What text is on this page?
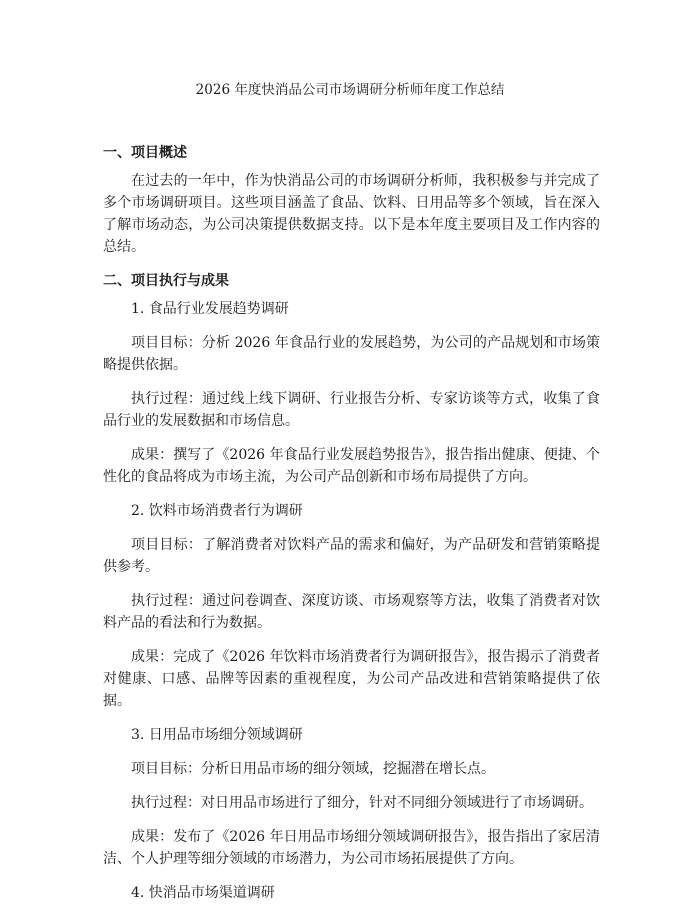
2026 年度快消品公司市场调研分析师年度工作总结

一、项目概述

在过去的一年中，作为快消品公司的市场调研分析师，我积极参与并完成了多个市场调研项目。这些项目涵盖了食品、饮料、日用品等多个领域，旨在深入了解市场动态，为公司决策提供数据支持。以下是本年度主要项目及工作内容的总结。

二、项目执行与成果

1. 食品行业发展趋势调研

项目目标：分析 2026 年食品行业的发展趋势，为公司的产品规划和市场策略提供依据。

执行过程：通过线上线下调研、行业报告分析、专家访谈等方式，收集了食品行业的发展数据和市场信息。

成果：撰写了《2026 年食品行业发展趋势报告》，报告指出健康、便捷、个性化的食品将成为市场主流，为公司产品创新和市场布局提供了方向。

2. 饮料市场消费者行为调研

项目目标：了解消费者对饮料产品的需求和偏好，为产品研发和营销策略提供参考。

执行过程：通过问卷调查、深度访谈、市场观察等方法，收集了消费者对饮料产品的看法和行为数据。

成果：完成了《2026 年饮料市场消费者行为调研报告》，报告揭示了消费者对健康、口感、品牌等因素的重视程度，为公司产品改进和营销策略提供了依据。

3. 日用品市场细分领域调研

项目目标：分析日用品市场的细分领域，挖掘潜在增长点。

执行过程：对日用品市场进行了细分，针对不同细分领域进行了市场调研。

成果：发布了《2026 年日用品市场细分领域调研报告》，报告指出了家居清洁、个人护理等细分领域的市场潜力，为公司市场拓展提供了方向。

4. 快消品市场渠道调研
